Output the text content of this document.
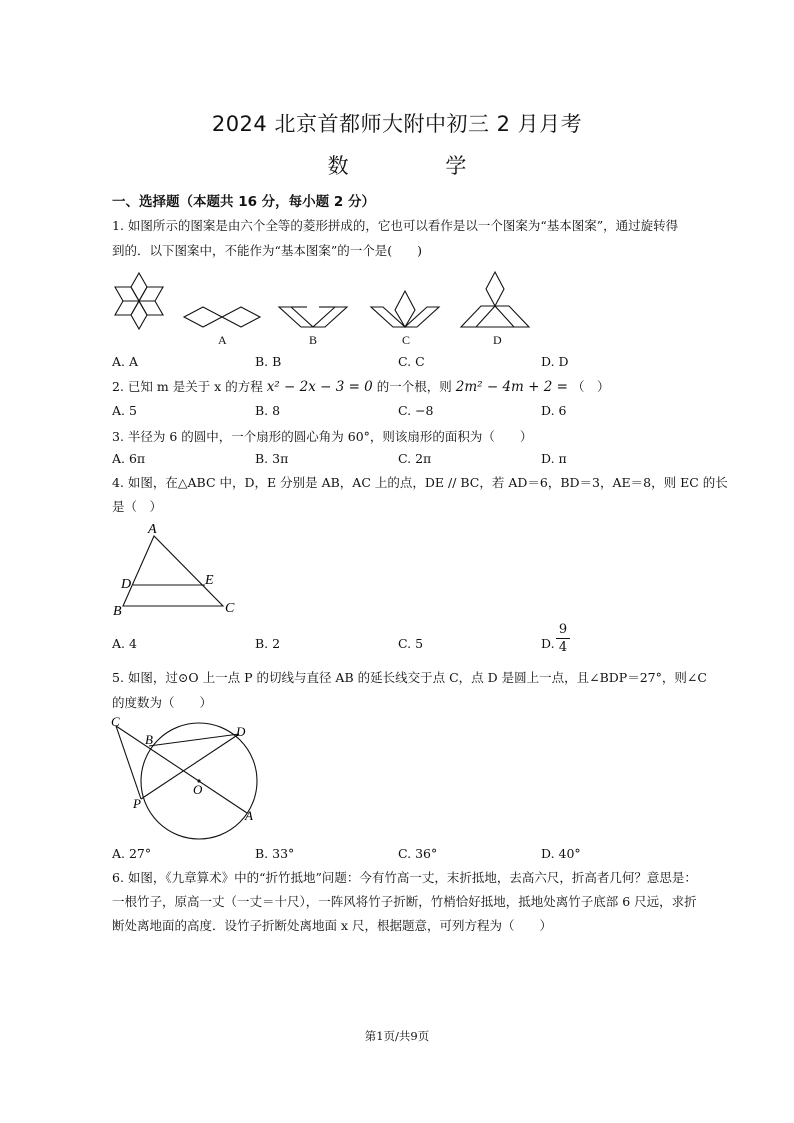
2024 北京首都师大附中初三 2 月月考
数 学
一、选择题（本题共 16 分，每小题 2 分）
1. 如图所示的图案是由六个全等的菱形拼成的，它也可以看作是以一个图案为“基本图案”，通过旋转得
到的．以下图案中，不能作为“基本图案”的一个是(　　)
A	B	C	D
A. A	B. B	C. C	D. D
2. 已知 m 是关于 x 的方程 x² − 2x − 3 = 0 的一个根，则 2m² − 4m + 2 = （　）
A. 5	B. 8	C. −8	D. 6
3. 半径为 6 的圆中，一个扇形的圆心角为 60°，则该扇形的面积为（　　）
A. 6π	B. 3π	C. 2π	D. π
4. 如图，在△ABC 中，D，E 分别是 AB，AC 上的点，DE // BC，若 AD＝6，BD＝3，AE＝8，则 EC 的长
是（　）
A
B	C
D	E
A. 4	B. 2	C. 5	D.
9
4
5. 如图，过⊙O 上一点 P 的切线与直径 AB 的延长线交于点 C，点 D 是圆上一点，且∠BDP＝27°，则∠C
的度数为（　　）
C
B
D
O
P
A
A. 27°	B. 33°	C. 36°	D. 40°
6. 如图，《九章算术》中的“折竹抵地”问题：今有竹高一丈，末折抵地，去高六尺，折高者几何？意思是：
一根竹子，原高一丈（一丈＝十尺），一阵风将竹子折断，竹梢恰好抵地，抵地处离竹子底部 6 尺远，求折
断处离地面的高度．设竹子折断处离地面 x 尺，根据题意，可列方程为（　　）
第1页/共9页
